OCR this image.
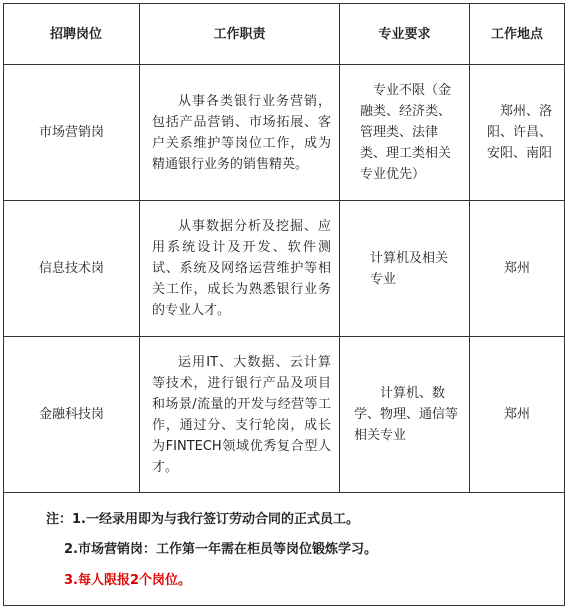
招聘岗位	工作职责	专业要求	工作地点

市场营销岗	从事各类银行业务营销，包括产品营销、市场拓展、客户关系维护等岗位工作，成为精通银行业务的销售精英。	专业不限（金融类、经济类、管理类、法律类、理工类相关专业优先）	郑州、洛阳、许昌、安阳、南阳

信息技术岗	从事数据分析及挖掘、应用系统设计及开发、软件测试、系统及网络运营维护等相关工作，成长为熟悉银行业务的专业人才。	计算机及相关专业	郑州
金融科技岗	运用IT、大数据、云计算等技术，进行银行产品及项目和场景/流量的开发与经营等工作，通过分、支行轮岗，成长为FINTECH领域优秀复合型人才。	计算机、数学、物理、通信等相关专业	郑州

注：1.一经录用即为与我行签订劳动合同的正式员工。
2.市场营销岗：工作第一年需在柜员等岗位锻炼学习。
3.每人限报2个岗位。			
